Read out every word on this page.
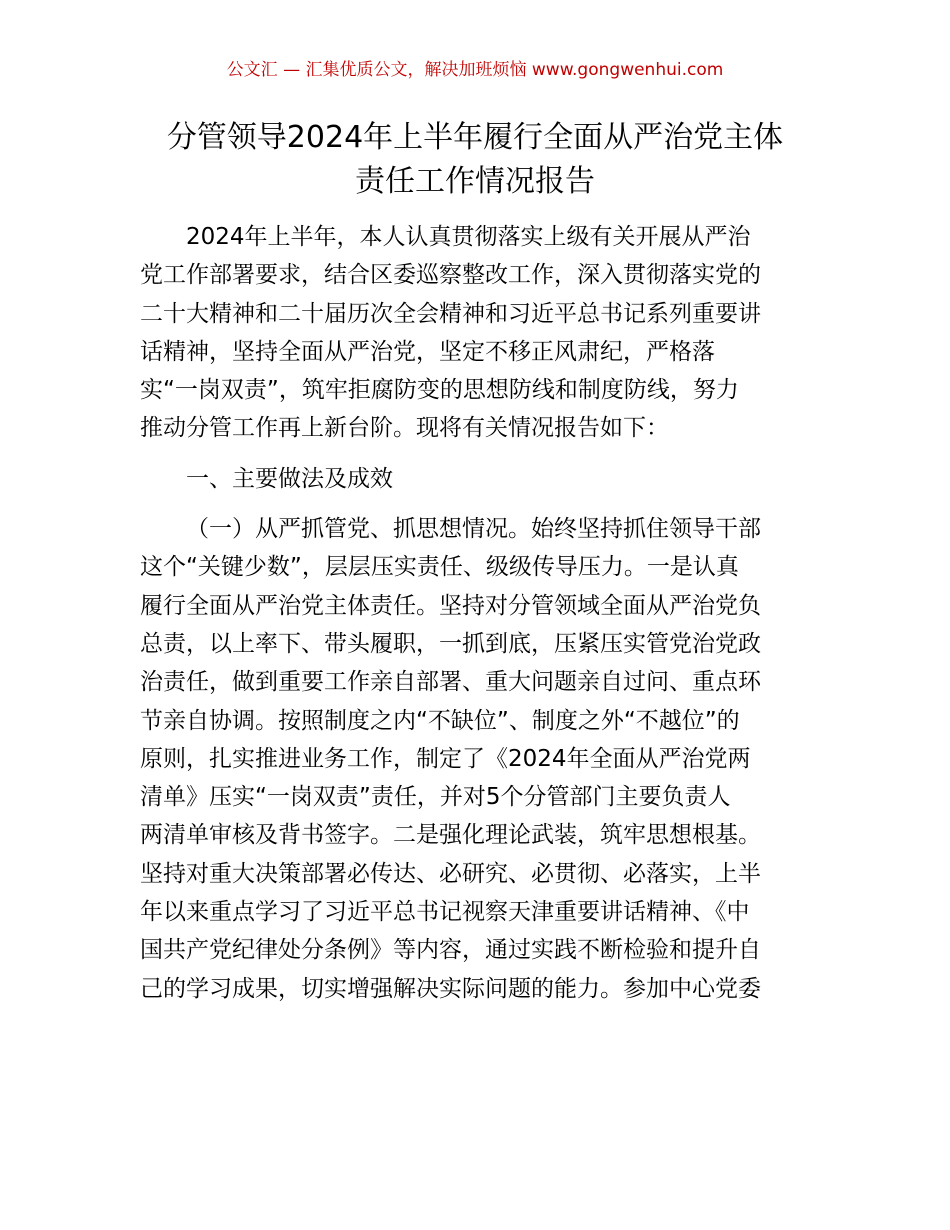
公文汇 — 汇集优质公文，解决加班烦恼 www.gongwenhui.com
分管领导2024年上半年履行全面从严治党主体
责任工作情况报告
2024年上半年，本人认真贯彻落实上级有关开展从严治
党工作部署要求，结合区委巡察整改工作，深入贯彻落实党的
二十大精神和二十届历次全会精神和习近平总书记系列重要讲
话精神，坚持全面从严治党，坚定不移正风肃纪，严格落
实“一岗双责”，筑牢拒腐防变的思想防线和制度防线，努力
推动分管工作再上新台阶。现将有关情况报告如下：
一、主要做法及成效
（一）从严抓管党、抓思想情况。始终坚持抓住领导干部
这个“关键少数”，层层压实责任、级级传导压力。一是认真
履行全面从严治党主体责任。坚持对分管领域全面从严治党负
总责，以上率下、带头履职，一抓到底，压紧压实管党治党政
治责任，做到重要工作亲自部署、重大问题亲自过问、重点环
节亲自协调。按照制度之内“不缺位”、制度之外“不越位”的
原则，扎实推进业务工作，制定了《2024年全面从严治党两
清单》压实“一岗双责”责任，并对5个分管部门主要负责人
两清单审核及背书签字。二是强化理论武装，筑牢思想根基。
坚持对重大决策部署必传达、必研究、必贯彻、必落实，上半
年以来重点学习了习近平总书记视察天津重要讲话精神、《中
国共产党纪律处分条例》等内容，通过实践不断检验和提升自
己的学习成果，切实增强解决实际问题的能力。参加中心党委
